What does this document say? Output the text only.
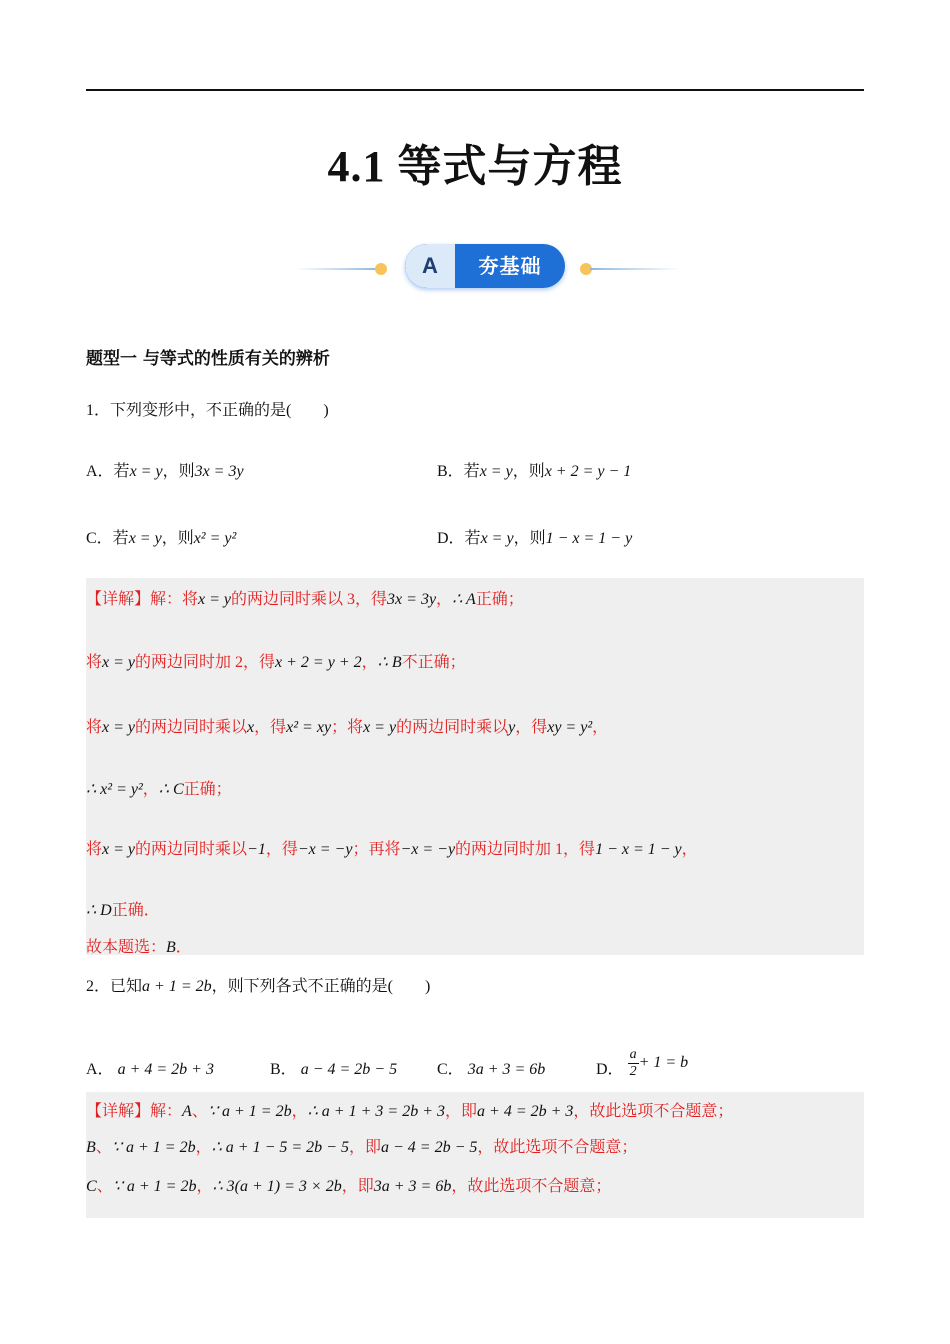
4.1 等式与方程
A	夯基础
题型一 与等式的性质有关的辨析
1．下列变形中，不正确的是(　　)
A．若x = y，则3x = 3y	B．若x = y，则x + 2 = y − 1
C．若x = y，则x² = y²	D．若x = y，则1 − x = 1 − y
【详解】解：将x = y的两边同时乘以 3，得3x = 3y，∴ A正确；
将x = y的两边同时加 2，得x + 2 = y + 2，∴ B不正确；
将x = y的两边同时乘以x，得x² = xy；将x = y的两边同时乘以y，得xy = y²，
∴ x² = y²，∴ C正确；
将x = y的两边同时乘以−1，得−x = −y；再将−x = −y的两边同时加 1，得1 − x = 1 − y，
∴ D正确．
故本题选：B．
2．已知a + 1 = 2b，则下列各式不正确的是(　　)
A． a + 4 = 2b + 3	B． a − 4 = 2b − 5 C． 3a + 3 = 6b	D． $\frac{a}{2} + 1 = b$
【详解】解：A、∵ a + 1 = 2b，∴ a + 1 + 3 = 2b + 3，即a + 4 = 2b + 3，故此选项不合题意；
B、∵ a + 1 = 2b，∴ a + 1 − 5 = 2b − 5，即a − 4 = 2b − 5，故此选项不合题意；
C、∵ a + 1 = 2b，∴ 3(a + 1) = 3 × 2b，即3a + 3 = 6b，故此选项不合题意；
